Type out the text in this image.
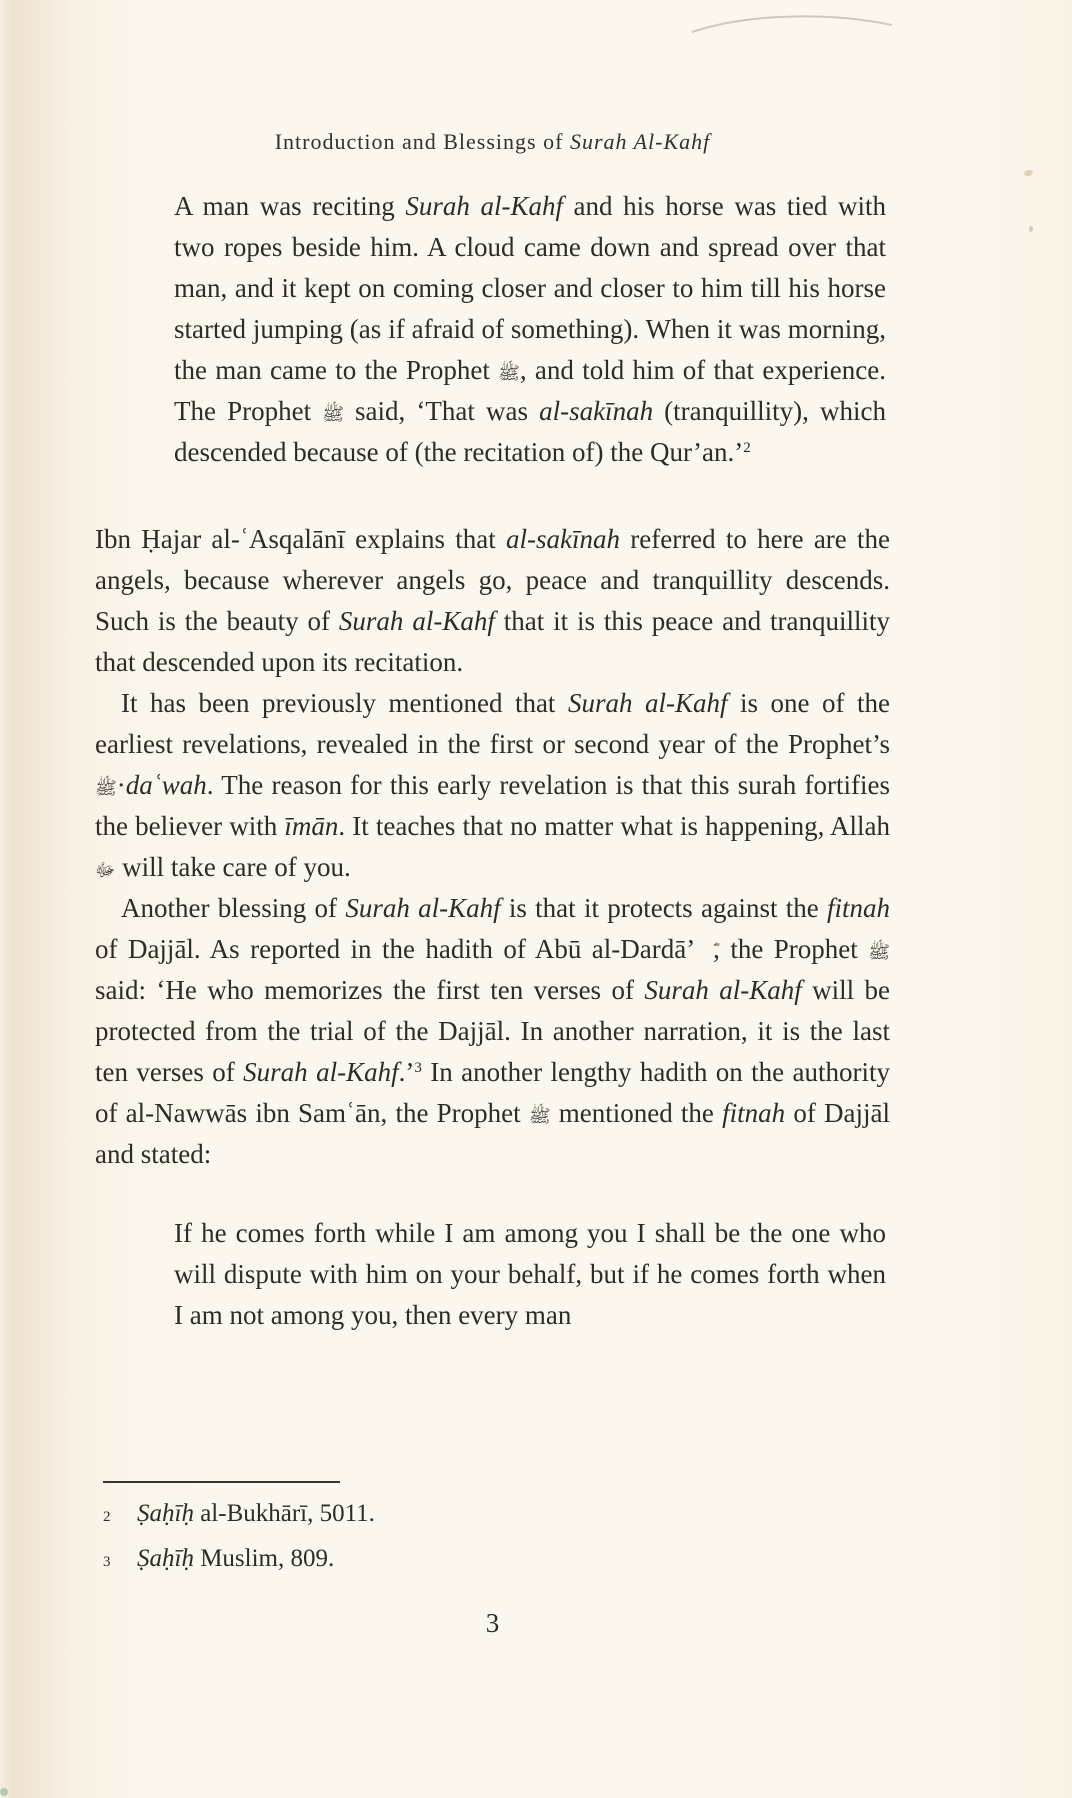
Introduction and Blessings of Surah Al-Kahf
A man was reciting Surah al-Kahf and his horse was tied with two ropes beside him. A cloud came down and spread over that man, and it kept on coming closer and closer to him till his horse started jumping (as if afraid of something). When it was morning, the man came to the Prophet ﷺ, and told him of that experience. The Prophet ﷺ said, ‘That was al-sakīnah (tranquillity), which descended because of (the recitation of) the Qur’an.’$^2$

Ibn Ḥajar al-ʿAsqalānī explains that al-sakīnah referred to here are the angels, because wherever angels go, peace and tranquillity descends. Such is the beauty of Surah al-Kahf that it is this peace and tranquillity that descended upon its recitation.

It has been previously mentioned that Surah al-Kahf is one of the earliest revelations, revealed in the first or second year of the Prophet’s ﷺ·daʿwah. The reason for this early revelation is that this surah fortifies the believer with īmān. It teaches that no matter what is happening, Allah ﷻ will take care of you.

Another blessing of Surah al-Kahf is that it protects against the fitnah of Dajjāl. As reported in the hadith of Abū al-Dardā’  ؓ, the Prophet ﷺ said: ‘He who memorizes the first ten verses of Surah al-Kahf will be protected from the trial of the Dajjāl. In another narration, it is the last ten verses of Surah al-Kahf.’$^3$ In another lengthy hadith on the authority of al-Nawwās ibn Samʿān, the Prophet ﷺ mentioned the fitnah of Dajjāl and stated:

If he comes forth while I am among you I shall be the one who will dispute with him on your behalf, but if he comes forth when I am not among you, then every man
2	Ṣaḥīḥ al-Bukhārī, 5011.
3	Ṣaḥīḥ Muslim, 809.
3
